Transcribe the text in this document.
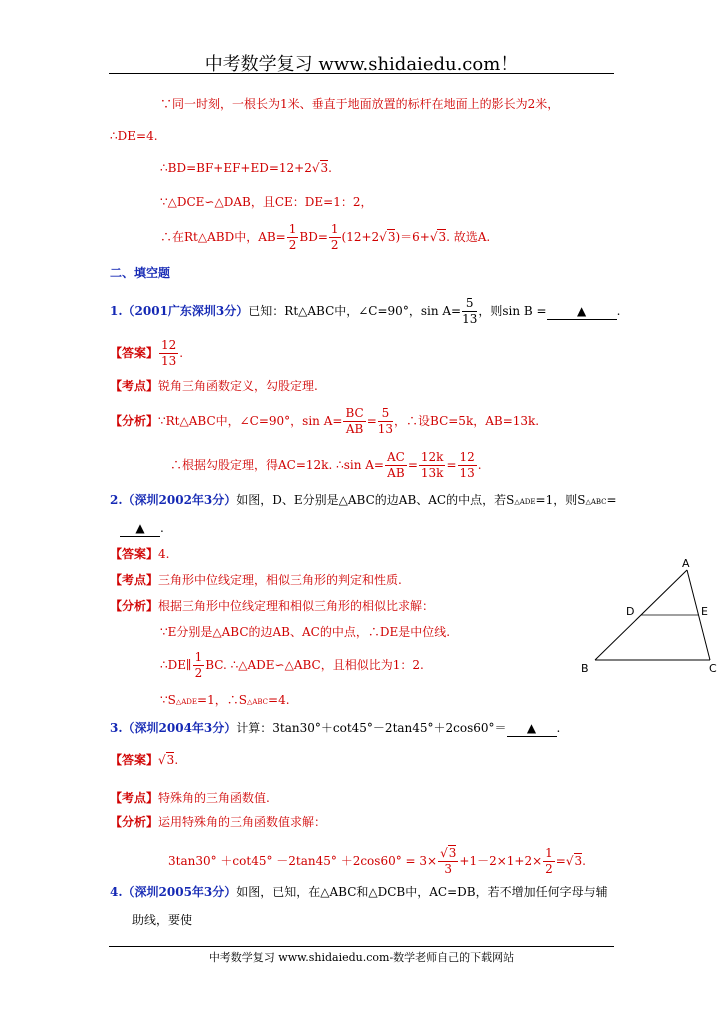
中考数学复习 www.shidaiedu.com！
∵同一时刻，一根长为1米、垂直于地面放置的标杆在地面上的影长为2米，
∴DE=4.
∴BD=BF+EF+ED=12+2√3.
∵△DCE∽△DAB，且CE：DE=1：2，
∴在Rt△ABD中，$AB= \frac{1}{2} BD= \frac{1}{2} (12+2√3)=6+√3$. 故选A.
二、填空题
1.（2001广东深圳3分）已知：Rt△ABC中，∠C=90°，$\sin A= \frac{5}{13}$ ，则sin B =	▲	.
【答案】 $\frac{12}{13}$ .
【考点】锐角三角函数定义，勾股定理.
【分析】∵Rt△ABC中，∠C=90°，$\sin A= \frac{BC}{AB} = \frac{5}{13}$ ，∴设BC=5k，AB=13k.
∴根据勾股定理，得AC=12k. ∴sin $A= \frac{AC}{AB} = \frac{12k}{13k} = \frac{12}{13}$ .
2.（深圳2002年3分）如图，D、E分别是△ABC的边AB、AC的中点，若S△ADE=1，则S△ABC=
▲ .
【答案】4.
【考点】三角形中位线定理，相似三角形的判定和性质.
【分析】根据三角形中位线定理和相似三角形的相似比求解：
∵E分别是△ABC的边AB、AC的中点，∴DE是中位线.
∴DE∥ $\frac{1}{2}$ BC. ∴△ADE∽△ABC，且相似比为1：2.
∵S△ADE=1，∴S△ABC=4.
A
B	C
D	E
3.（深圳2004年3分）计算：3tan30°＋cot45°－2tan45°＋2cos60°＝ ▲ .
【答案】√3.
【考点】特殊角的三角函数值.
【分析】运用特殊角的三角函数值求解：
$3\tan 30^\circ +\cot 45^\circ -2\tan 45^\circ +2\cos 60^\circ = 3\times \frac{√3}{3} +1-2\times 1+2\times \frac{1}{2} =√3$.
4.（深圳2005年3分）如图，已知，在△ABC和△DCB中，AC=DB，若不增加任何字母与辅
助线，要使
中考数学复习 www.shidaiedu.com-数学老师自己的下载网站
